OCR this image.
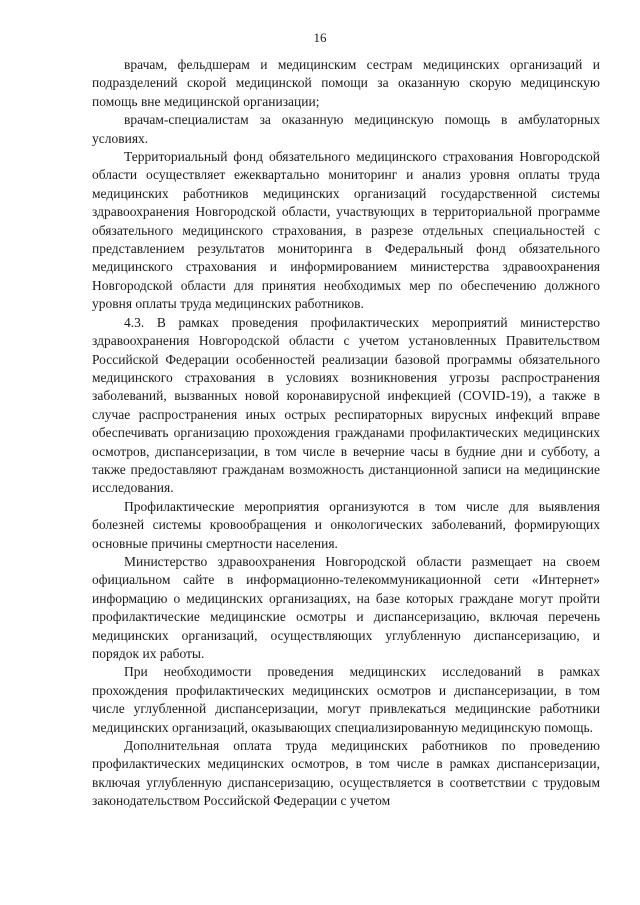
16

врачам, фельдшерам и медицинским сестрам медицинских организаций и подразделений скорой медицинской помощи за оказанную скорую медицинскую помощь вне медицинской организации;

врачам-специалистам за оказанную медицинскую помощь в амбулаторных условиях.

Территориальный фонд обязательного медицинского страхования Новгородской области осуществляет ежеквартально мониторинг и анализ уровня оплаты труда медицинских работников медицинских организаций государственной системы здравоохранения Новгородской области, участвующих в территориальной программе обязательного медицинского страхования, в разрезе отдельных специальностей с представлением результатов мониторинга в Федеральный фонд обязательного медицинского страхования и информированием министерства здравоохранения Новгородской области для принятия необходимых мер по обеспечению должного уровня оплаты труда медицинских работников.

4.3. В рамках проведения профилактических мероприятий министерство здравоохранения Новгородской области с учетом установленных Правительством Российской Федерации особенностей реализации базовой программы обязательного медицинского страхования в условиях возникновения угрозы распространения заболеваний, вызванных новой коронавирусной инфекцией (COVID-19), а также в случае распространения иных острых респираторных вирусных инфекций вправе обеспечивать организацию прохождения гражданами профилактических медицинских осмотров, диспансеризации, в том числе в вечерние часы в будние дни и субботу, а также предоставляют гражданам возможность дистанционной записи на медицинские исследования.

Профилактические мероприятия организуются в том числе для выявления болезней системы кровообращения и онкологических заболеваний, формирующих основные причины смертности населения.

Министерство здравоохранения Новгородской области размещает на своем официальном сайте в информационно-телекоммуникационной сети «Интернет» информацию о медицинских организациях, на базе которых граждане могут пройти профилактические медицинские осмотры и диспансеризацию, включая перечень медицинских организаций, осуществляющих углубленную диспансеризацию, и порядок их работы.

При необходимости проведения медицинских исследований в рамках прохождения профилактических медицинских осмотров и диспансеризации, в том числе углубленной диспансеризации, могут привлекаться медицинские работники медицинских организаций, оказывающих специализированную медицинскую помощь.

Дополнительная оплата труда медицинских работников по проведению профилактических медицинских осмотров, в том числе в рамках диспансеризации, включая углубленную диспансеризацию, осуществляется в соответствии с трудовым законодательством Российской Федерации с учетом
